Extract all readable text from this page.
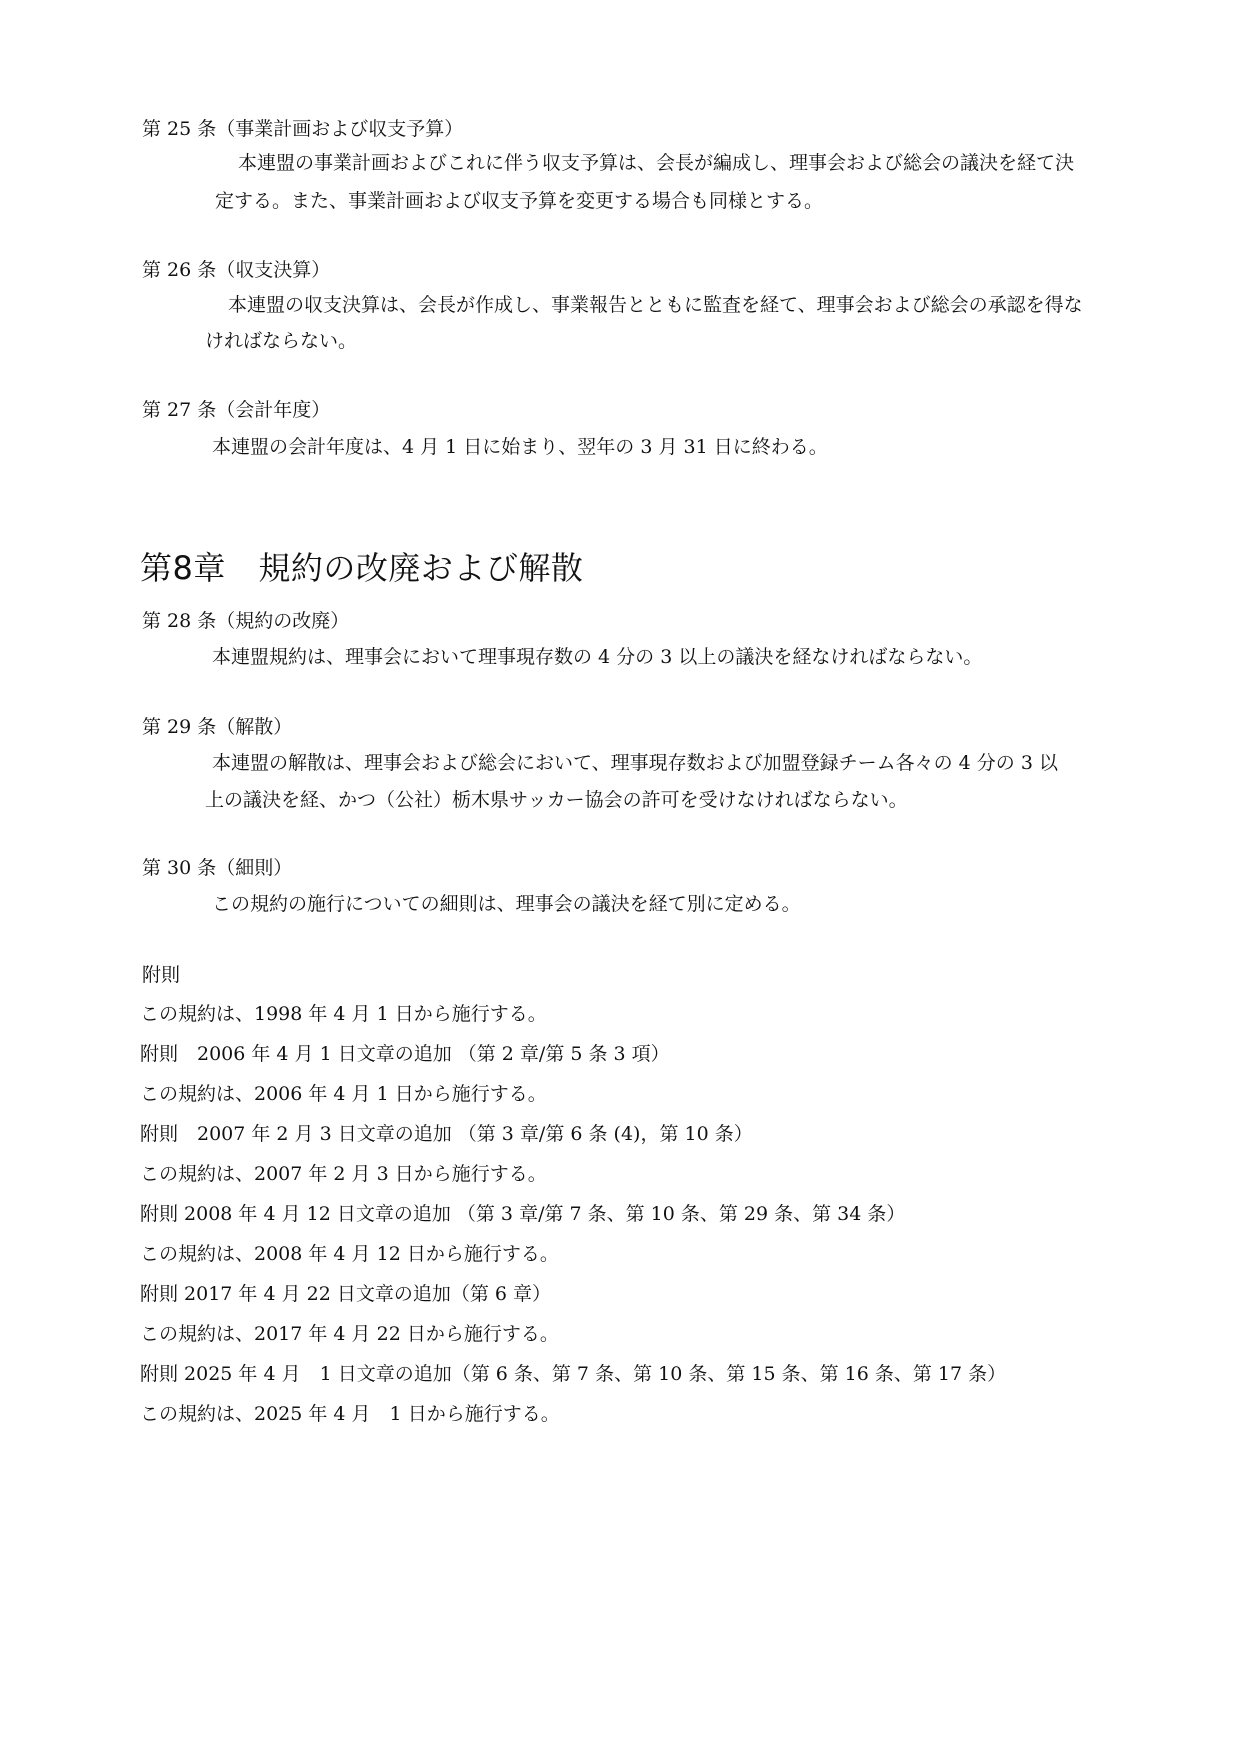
第 25 条（事業計画および収支予算）
本連盟の事業計画およびこれに伴う収支予算は、会長が編成し、理事会および総会の議決を経て決
定する。また、事業計画および収支予算を変更する場合も同様とする。
第 26 条（収支決算）
本連盟の収支決算は、会長が作成し、事業報告とともに監査を経て、理事会および総会の承認を得な
ければならない。
第 27 条（会計年度）
本連盟の会計年度は、4 月 1 日に始まり、翌年の 3 月 31 日に終わる。
第8章　規約の改廃および解散
第 28 条（規約の改廃）
本連盟規約は、理事会において理事現存数の 4 分の 3 以上の議決を経なければならない。
第 29 条（解散）
本連盟の解散は、理事会および総会において、理事現存数および加盟登録チーム各々の 4 分の 3 以
上の議決を経、かつ（公社）栃木県サッカー協会の許可を受けなければならない。
第 30 条（細則）
この規約の施行についての細則は、理事会の議決を経て別に定める。
附則
この規約は、1998 年 4 月 1 日から施行する。
附則　2006 年 4 月 1 日文章の追加 （第 2 章/第 5 条 3 項）
この規約は、2006 年 4 月 1 日から施行する。
附則　2007 年 2 月 3 日文章の追加 （第 3 章/第 6 条 (4)，第 10 条）
この規約は、2007 年 2 月 3 日から施行する。
附則 2008 年 4 月 12 日文章の追加 （第 3 章/第 7 条、第 10 条、第 29 条、第 34 条）
この規約は、2008 年 4 月 12 日から施行する。
附則 2017 年 4 月 22 日文章の追加（第 6 章）
この規約は、2017 年 4 月 22 日から施行する。
附則 2025 年 4 月　1 日文章の追加（第 6 条、第 7 条、第 10 条、第 15 条、第 16 条、第 17 条）
この規約は、2025 年 4 月　1 日から施行する。
